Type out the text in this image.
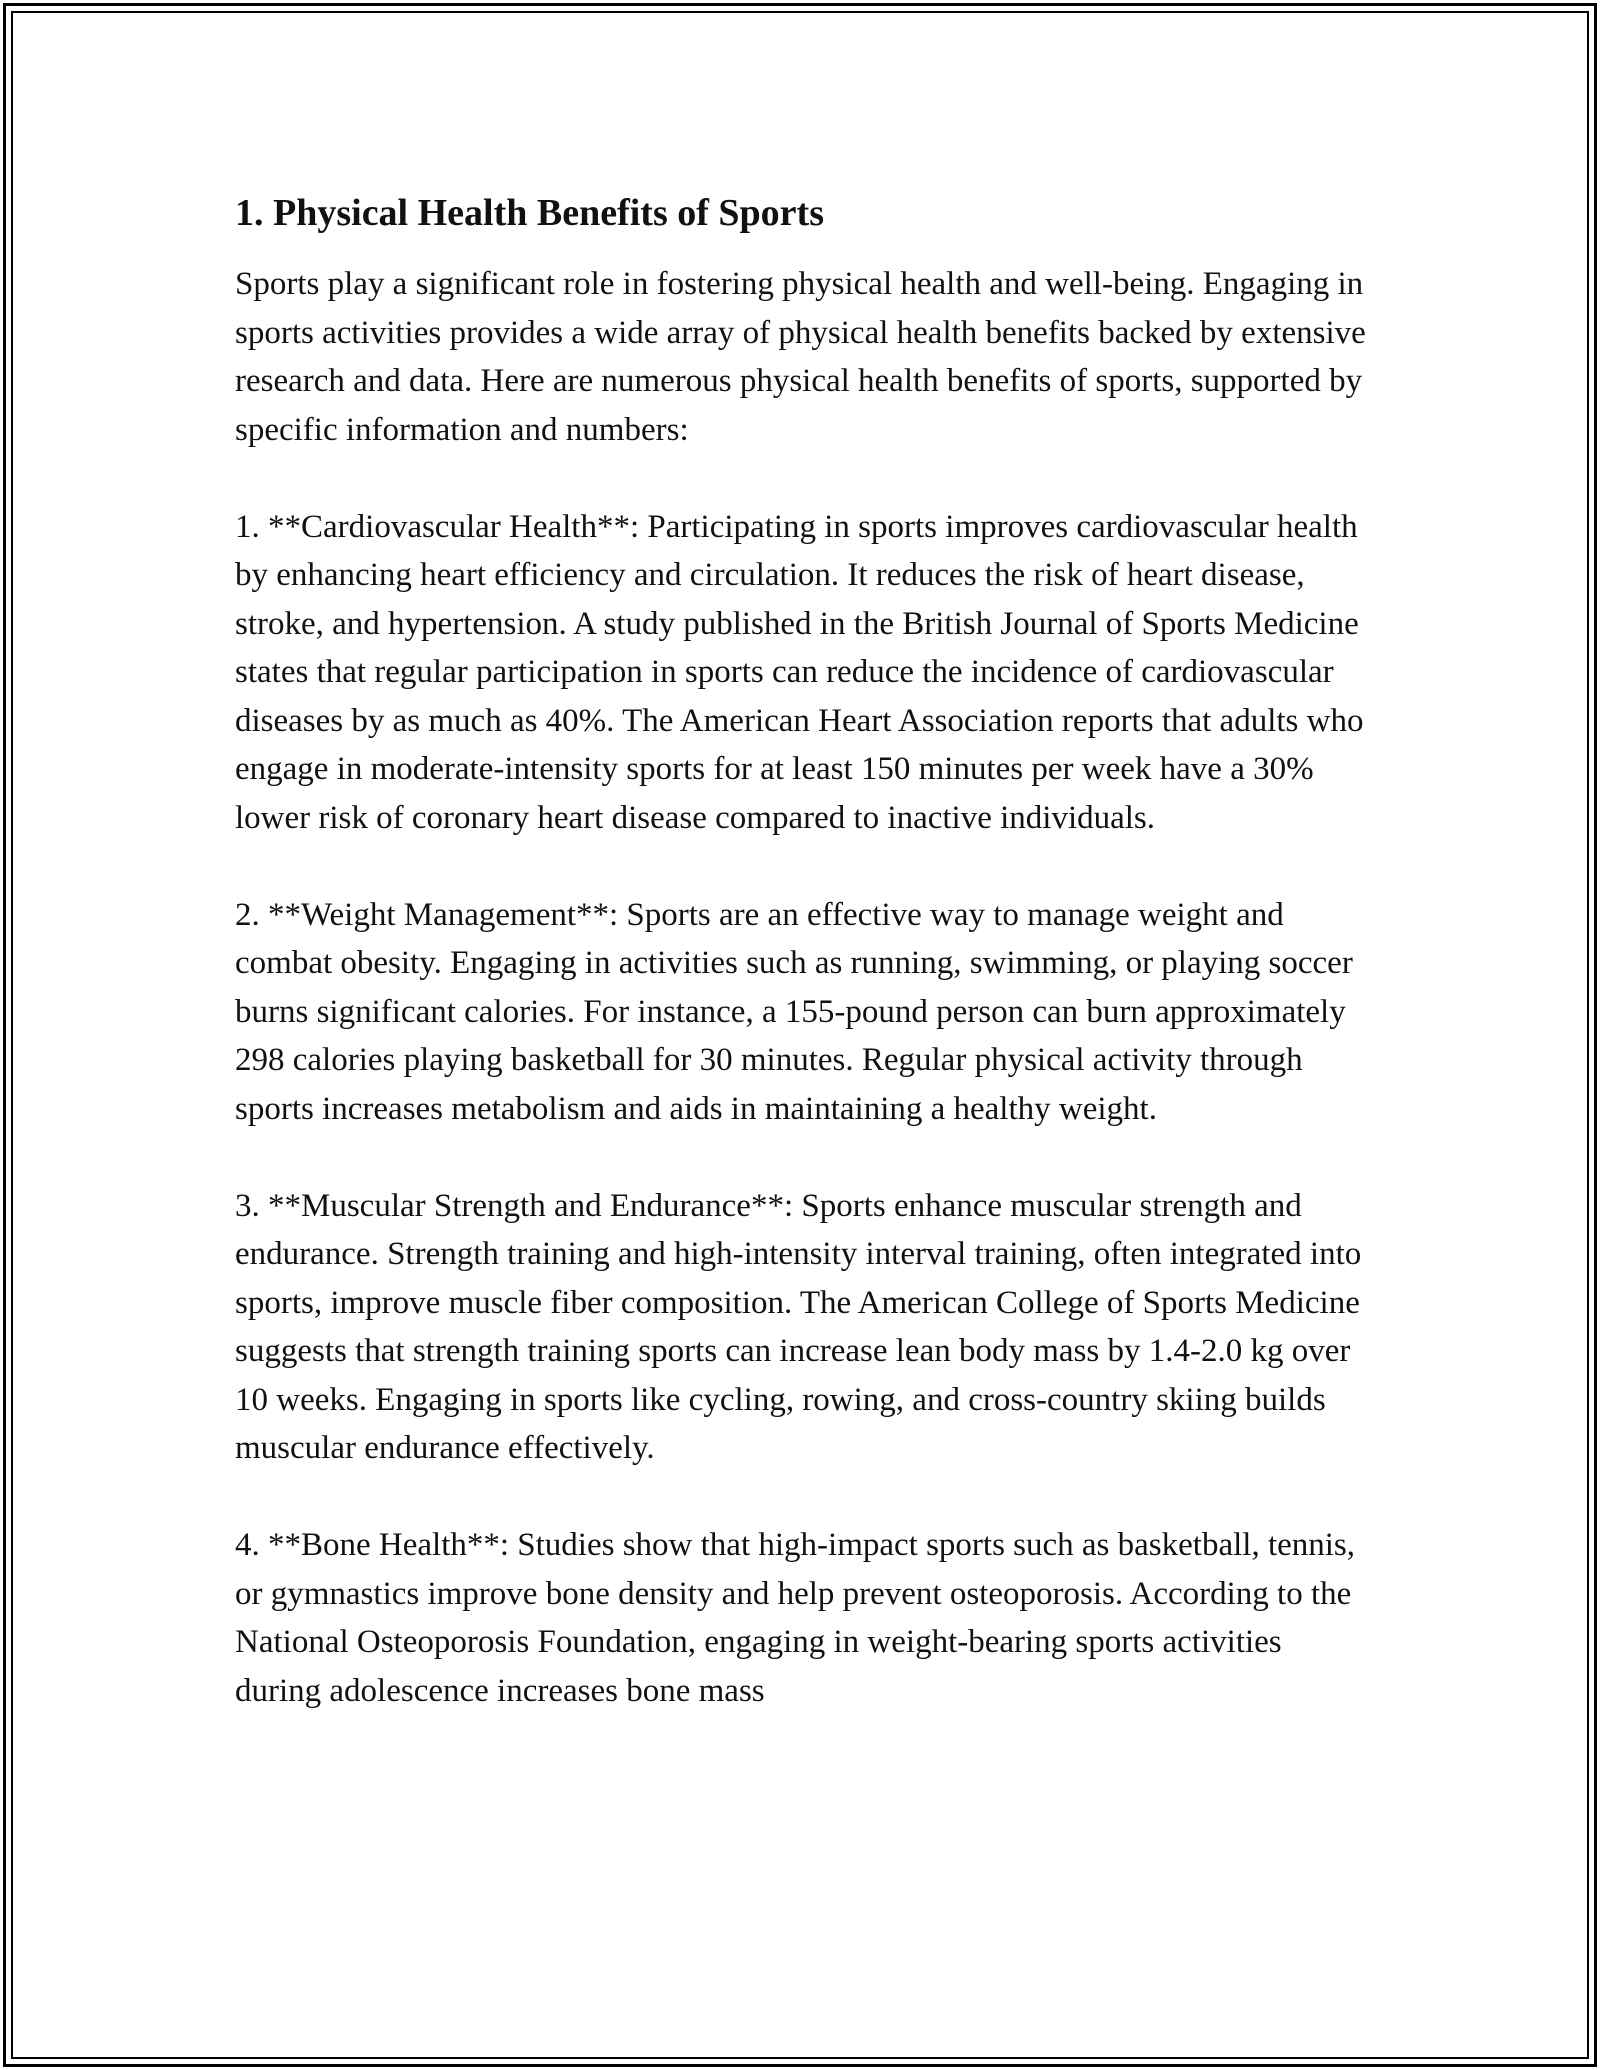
1. Physical Health Benefits of Sports

Sports play a significant role in fostering physical health and well-being. Engaging in sports activities provides a wide array of physical health benefits backed by extensive research and data. Here are numerous physical health benefits of sports, supported by specific information and numbers:

1. **Cardiovascular Health**: Participating in sports improves cardiovascular health by enhancing heart efficiency and circulation. It reduces the risk of heart disease, stroke, and hypertension. A study published in the British Journal of Sports Medicine states that regular participation in sports can reduce the incidence of cardiovascular diseases by as much as 40%. The American Heart Association reports that adults who engage in moderate-intensity sports for at least 150 minutes per week have a 30% lower risk of coronary heart disease compared to inactive individuals.

2. **Weight Management**: Sports are an effective way to manage weight and combat obesity. Engaging in activities such as running, swimming, or playing soccer burns significant calories. For instance, a 155-pound person can burn approximately 298 calories playing basketball for 30 minutes. Regular physical activity through sports increases metabolism and aids in maintaining a healthy weight.

3. **Muscular Strength and Endurance**: Sports enhance muscular strength and endurance. Strength training and high-intensity interval training, often integrated into sports, improve muscle fiber composition. The American College of Sports Medicine suggests that strength training sports can increase lean body mass by 1.4-2.0 kg over 10 weeks. Engaging in sports like cycling, rowing, and cross-country skiing builds muscular endurance effectively.

4. **Bone Health**: Studies show that high-impact sports such as basketball, tennis, or gymnastics improve bone density and help prevent osteoporosis. According to the National Osteoporosis Foundation, engaging in weight-bearing sports activities during adolescence increases bone mass
